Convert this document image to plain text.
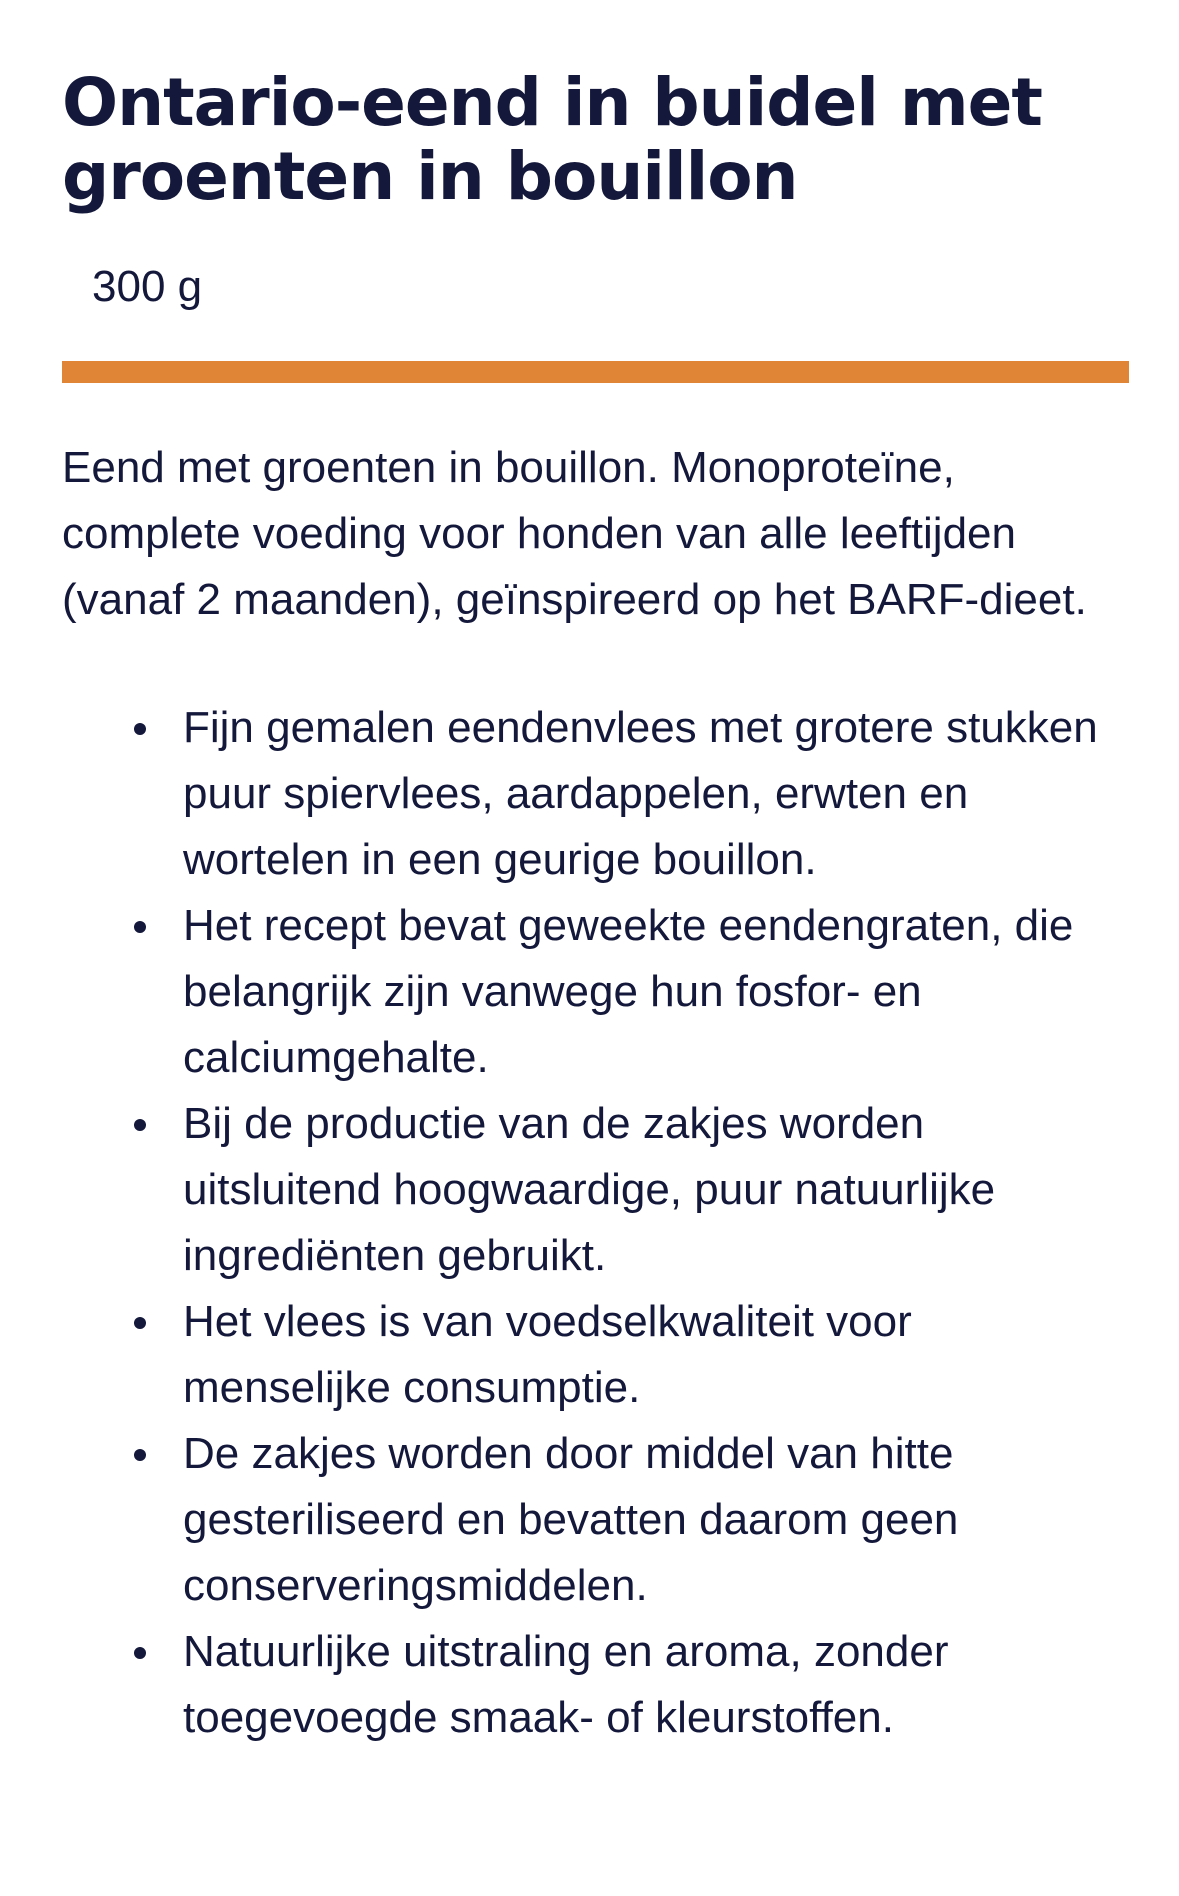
Ontario-eend in buidel met groenten in bouillon
300 g

Eend met groenten in bouillon. Monoproteïne, complete voeding voor honden van alle leeftijden (vanaf 2 maanden), geïnspireerd op het BARF-dieet.

Fijn gemalen eendenvlees met grotere stukken puur spiervlees, aardappelen, erwten en wortelen in een geurige bouillon.
Het recept bevat geweekte eendengraten, die belangrijk zijn vanwege hun fosfor- en calciumgehalte.
Bij de productie van de zakjes worden uitsluitend hoogwaardige, puur natuurlijke ingrediënten gebruikt.
Het vlees is van voedselkwaliteit voor menselijke consumptie.
De zakjes worden door middel van hitte gesteriliseerd en bevatten daarom geen conserveringsmiddelen.
Natuurlijke uitstraling en aroma, zonder toegevoegde smaak- of kleurstoffen.
